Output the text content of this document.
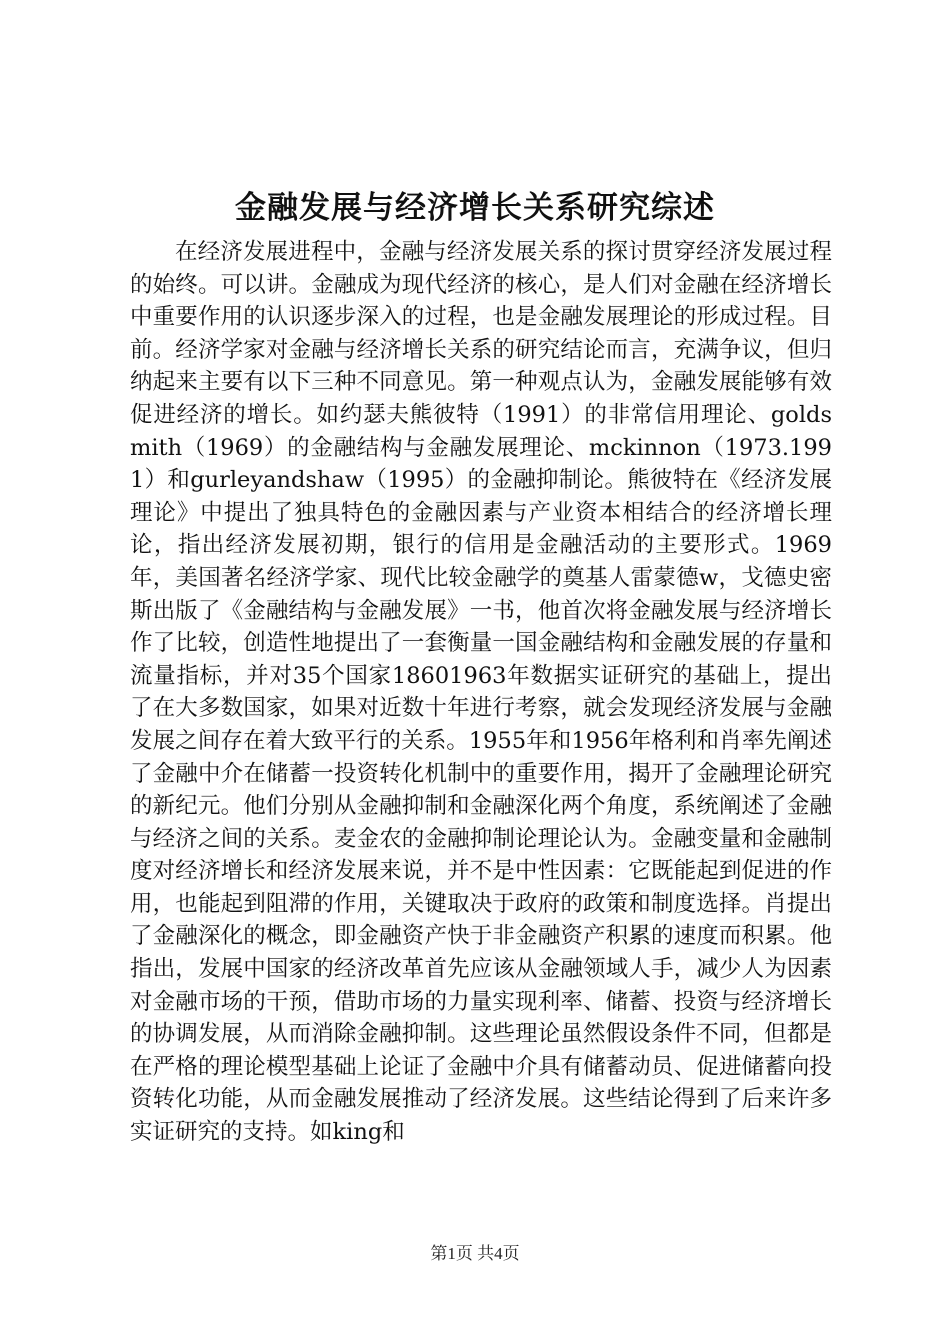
金融发展与经济增长关系研究综述

在经济发展进程中，金融与经济发展关系的探讨贯穿经济发展过程的始终。可以讲。金融成为现代经济的核心，是人们对金融在经济增长中重要作用的认识逐步深入的过程，也是金融发展理论的形成过程。目前。经济学家对金融与经济增长关系的研究结论而言，充满争议，但归纳起来主要有以下三种不同意见。第一种观点认为，金融发展能够有效促进经济的增长。如约瑟夫熊彼特（1991）的非常信用理论、goldsmith（1969）的金融结构与金融发展理论、mckinnon（1973.1991）和gurleyandshaw（1995）的金融抑制论。熊彼特在《经济发展理论》中提出了独具特色的金融因素与产业资本相结合的经济增长理论，指出经济发展初期，银行的信用是金融活动的主要形式。1969年，美国著名经济学家、现代比较金融学的奠基人雷蒙德w，戈德史密斯出版了《金融结构与金融发展》一书，他首次将金融发展与经济增长作了比较，创造性地提出了一套衡量一国金融结构和金融发展的存量和流量指标，并对35个国家18601963年数据实证研究的基础上，提出了在大多数国家，如果对近数十年进行考察，就会发现经济发展与金融发展之间存在着大致平行的关系。1955年和1956年格利和肖率先阐述了金融中介在储蓄一投资转化机制中的重要作用，揭开了金融理论研究的新纪元。他们分别从金融抑制和金融深化两个角度，系统阐述了金融与经济之间的关系。麦金农的金融抑制论理论认为。金融变量和金融制度对经济增长和经济发展来说，并不是中性因素：它既能起到促进的作用，也能起到阻滞的作用，关键取决于政府的政策和制度选择。肖提出了金融深化的概念，即金融资产快于非金融资产积累的速度而积累。他指出，发展中国家的经济改革首先应该从金融领域人手，减少人为因素对金融市场的干预，借助市场的力量实现利率、储蓄、投资与经济增长的协调发展，从而消除金融抑制。这些理论虽然假设条件不同，但都是在严格的理论模型基础上论证了金融中介具有储蓄动员、促进储蓄向投资转化功能，从而金融发展推动了经济发展。这些结论得到了后来许多实证研究的支持。如king和

第1页 共4页
